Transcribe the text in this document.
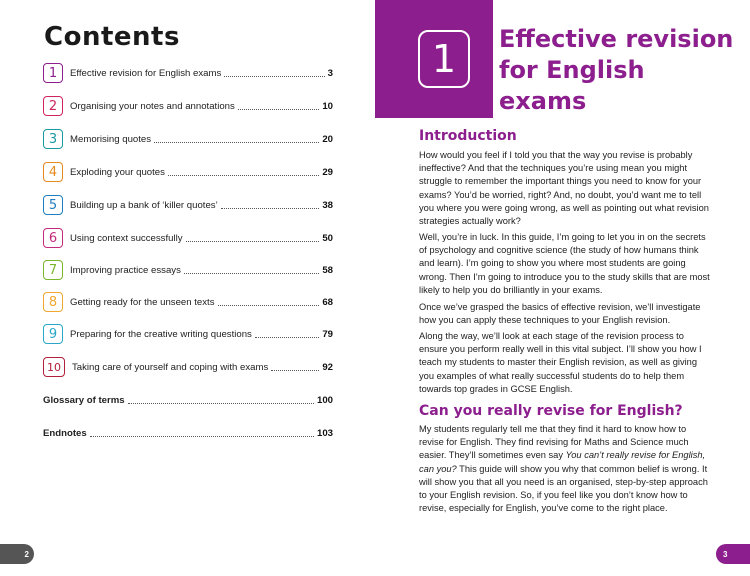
Contents
1	Effective revision for English exams	3
2	Organising your notes and annotations	10
3	Memorising quotes	20
4	Exploding your quotes	29
5	Building up a bank of ‘killer quotes’	38
6	Using context successfully	50
7	Improving practice essays	58
8	Getting ready for the unseen texts	68
9	Preparing for the creative writing questions	79
10	Taking care of yourself and coping with exams	92
Glossary of terms	100
Endnotes	103
2
1	Effective revision
for English exams
Introduction

How would you feel if I told you that the way you revise is probably ineffective? And that the techniques you’re using mean you might struggle to remember the important things you need to know for your exams? You’d be worried, right? And, no doubt, you’d want me to tell you where you were going wrong, as well as pointing out what revision strategies actually work?

Well, you’re in luck. In this guide, I’m going to let you in on the secrets of psychology and cognitive science (the study of how humans think and learn). I’m going to show you where most students are going wrong. Then I’m going to introduce you to the study skills that are most likely to help you do brilliantly in your exams.

Once we’ve grasped the basics of effective revision, we’ll investigate how you can apply these techniques to your English revision.

Along the way, we’ll look at each stage of the revision process to ensure you perform really well in this vital subject. I’ll show you how I teach my students to master their English revision, as well as giving you examples of what really successful students do to help them towards top grades in GCSE English.

Can you really revise for English?

My students regularly tell me that they find it hard to know how to revise for English. They find revising for Maths and Science much easier. They’ll sometimes even say You can’t really revise for English, can you? This guide will show you why that common belief is wrong. It will show you that all you need is an organised, step-by-step approach to your English revision. So, if you feel like you don’t know how to revise, especially for English, you’ve come to the right place.

3
